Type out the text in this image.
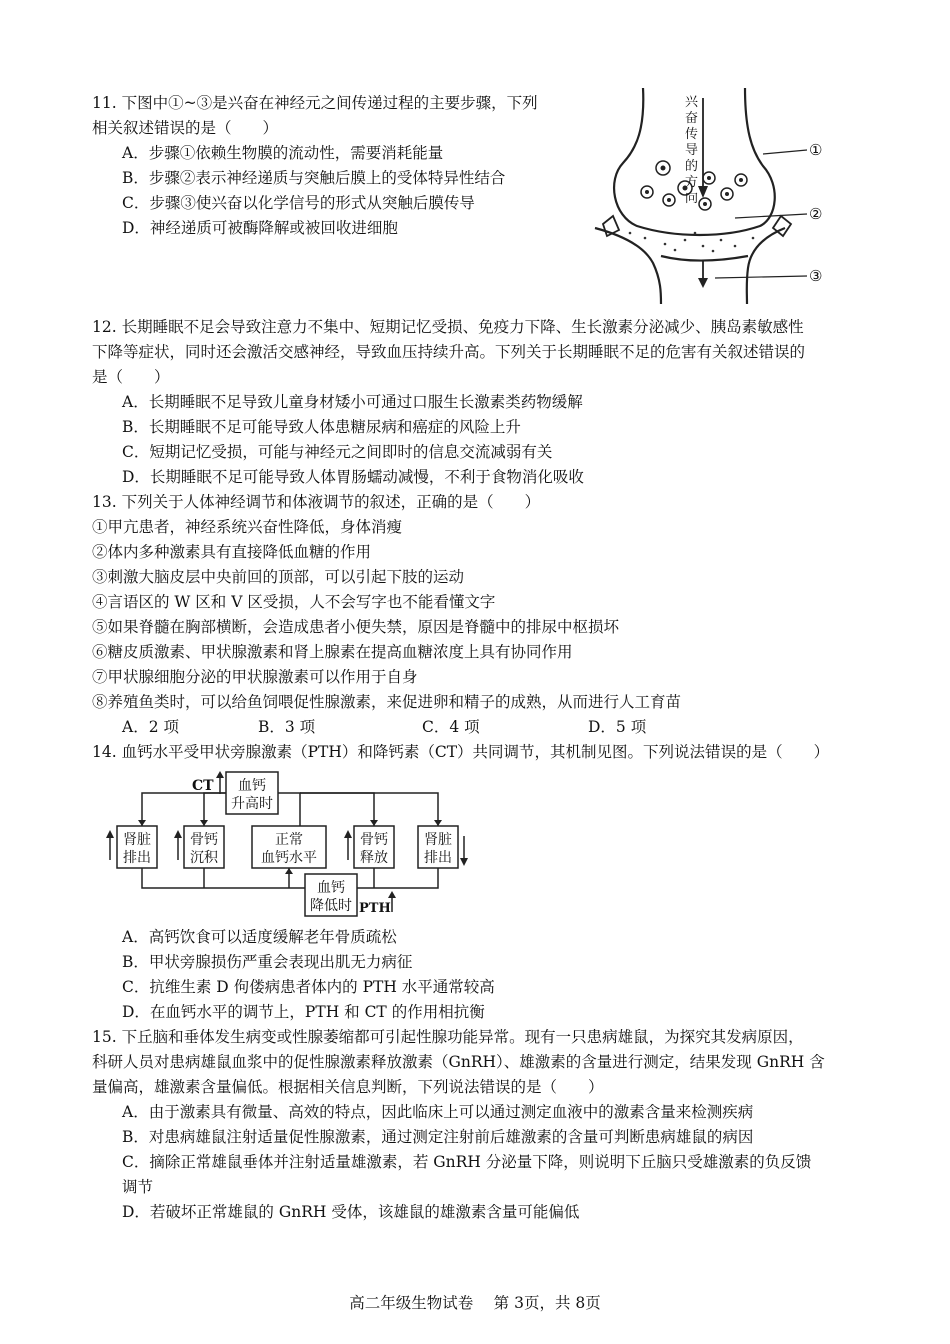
11. 下图中①~③是兴奋在神经元之间传递过程的主要步骤，下列
相关叙述错误的是（　　）
A．步骤①依赖生物膜的流动性，需要消耗能量
B．步骤②表示神经递质与突触后膜上的受体特异性结合
C．步骤③使兴奋以化学信号的形式从突触后膜传导
D．神经递质可被酶降解或被回收进细胞
兴 奋 传 导 的 方 向
①
②
③
12. 长期睡眠不足会导致注意力不集中、短期记忆受损、免疫力下降、生长激素分泌减少、胰岛素敏感性
下降等症状，同时还会激活交感神经，导致血压持续升高。下列关于长期睡眠不足的危害有关叙述错误的
是（　　）
A．长期睡眠不足导致儿童身材矮小可通过口服生长激素类药物缓解
B．长期睡眠不足可能导致人体患糖尿病和癌症的风险上升
C．短期记忆受损，可能与神经元之间即时的信息交流减弱有关
D．长期睡眠不足可能导致人体胃肠蠕动减慢，不利于食物消化吸收
13. 下列关于人体神经调节和体液调节的叙述，正确的是（　　）
①甲亢患者，神经系统兴奋性降低，身体消瘦
②体内多种激素具有直接降低血糖的作用
③刺激大脑皮层中央前回的顶部，可以引起下肢的运动
④言语区的 W 区和 V 区受损，人不会写字也不能看懂文字
⑤如果脊髓在胸部横断，会造成患者小便失禁，原因是脊髓中的排尿中枢损坏
⑥糖皮质激素、甲状腺激素和肾上腺素在提高血糖浓度上具有协同作用
⑦甲状腺细胞分泌的甲状腺激素可以作用于自身
⑧养殖鱼类时，可以给鱼饲喂促性腺激素，来促进卵和精子的成熟，从而进行人工育苗
A．2 项	B．3 项	C．4 项	D．5 项
14. 血钙水平受甲状旁腺激素（PTH）和降钙素（CT）共同调节，其机制见图。下列说法错误的是（　　）
CT
PTH
血钙
升高时
血钙
降低时
肾脏
排出
骨钙
沉积
正常
血钙水平
骨钙
释放
肾脏
排出
A．高钙饮食可以适度缓解老年骨质疏松
B．甲状旁腺损伤严重会表现出肌无力病征
C．抗维生素 D 佝偻病患者体内的 PTH 水平通常较高
D．在血钙水平的调节上，PTH 和 CT 的作用相抗衡
15. 下丘脑和垂体发生病变或性腺萎缩都可引起性腺功能异常。现有一只患病雄鼠，为探究其发病原因，
科研人员对患病雄鼠血浆中的促性腺激素释放激素（GnRH）、雄激素的含量进行测定，结果发现 GnRH 含
量偏高，雄激素含量偏低。根据相关信息判断，下列说法错误的是（　　）
A．由于激素具有微量、高效的特点，因此临床上可以通过测定血液中的激素含量来检测疾病
B．对患病雄鼠注射适量促性腺激素，通过测定注射前后雄激素的含量可判断患病雄鼠的病因
C．摘除正常雄鼠垂体并注射适量雄激素，若 GnRH 分泌量下降，则说明下丘脑只受雄激素的负反馈
调节
D．若破坏正常雄鼠的 GnRH 受体，该雄鼠的雄激素含量可能偏低
高二年级生物试卷　 第 3页，共 8页
